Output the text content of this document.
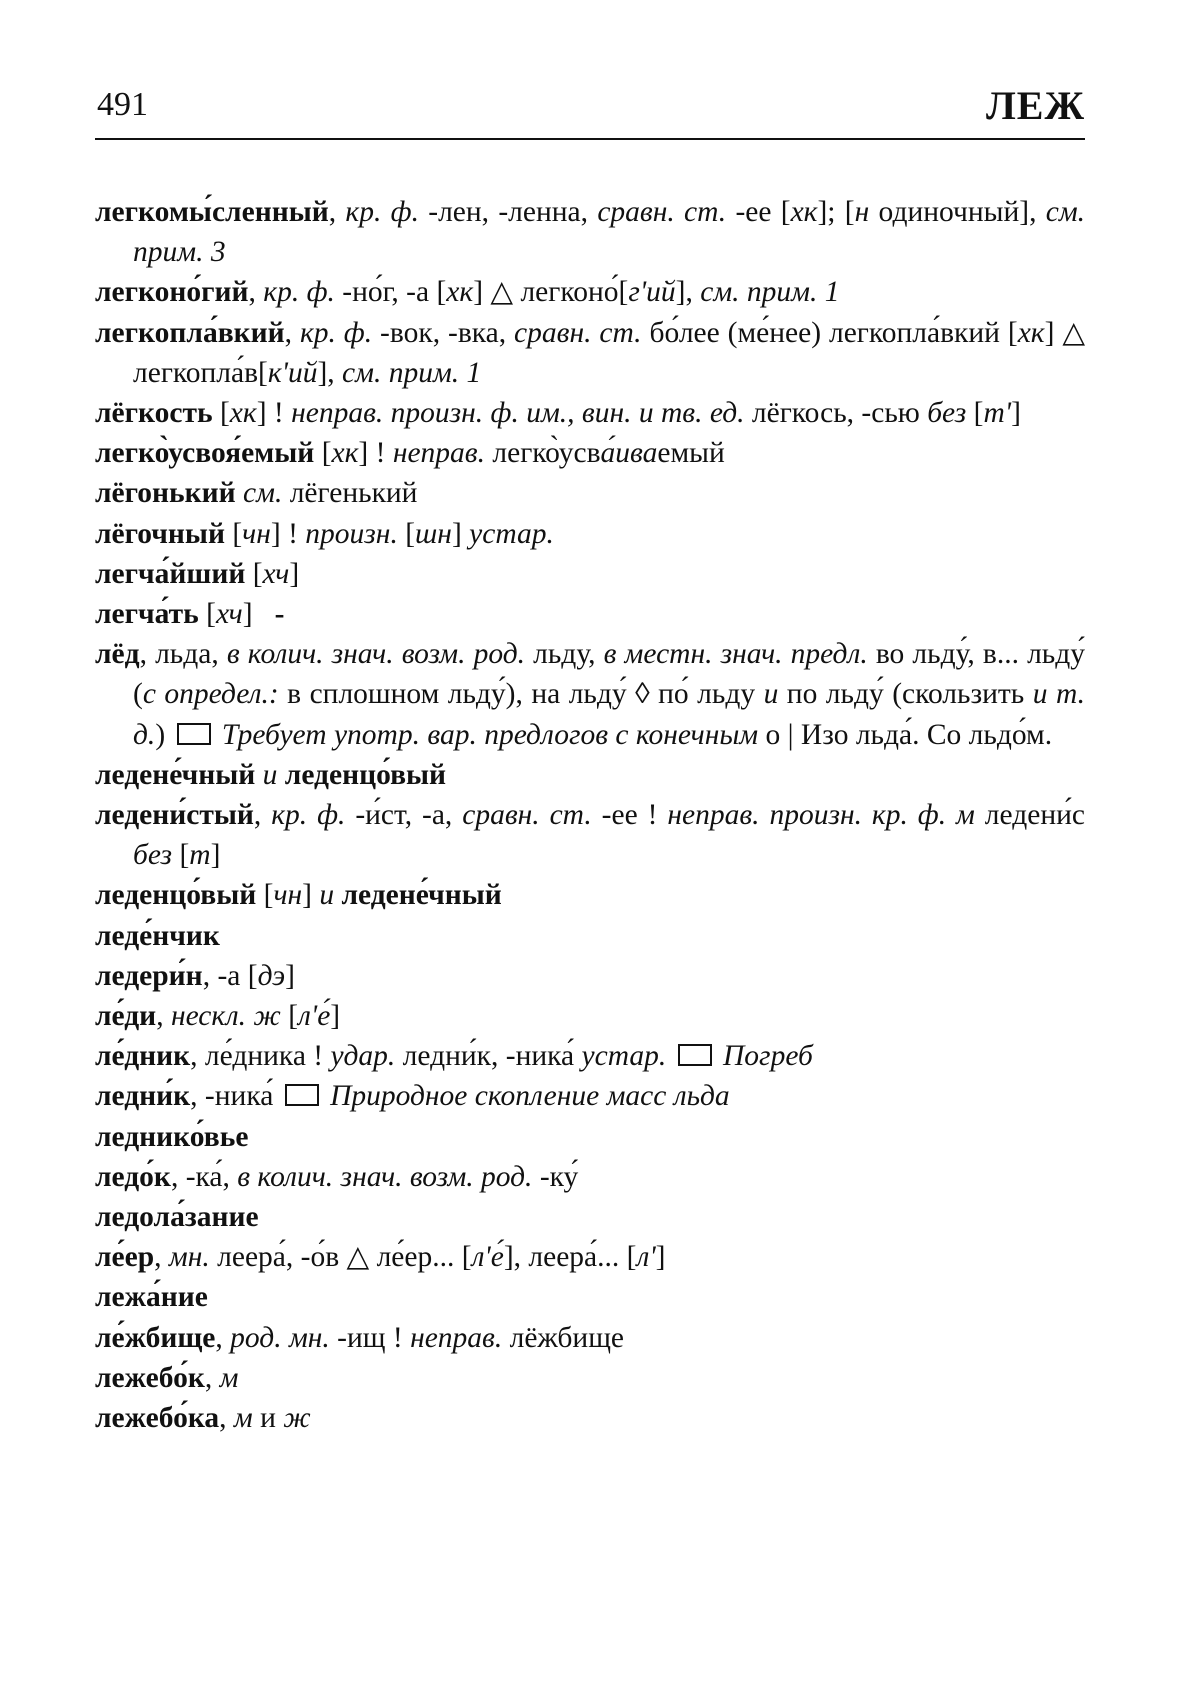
491	ЛЕЖ

легкомы́сленный, кр. ф. -лен, -ленна, сравн. ст. -ее [хк]; [н одиночный], см. прим. 3

легконо́гий, кр. ф. -но́г, -а [хк] △ легконо́[гʹий], см. прим. 1

легкопла́вкий, кр. ф. -вок, -вка, сравн. ст. бо́лее (ме́нее) легкопла́вкий [хк] △ легкопла́в[кʹий], см. прим. 1

лёгкость [хк] ! неправ. произн. ф. им., вин. и тв. ед. лёгкось, -сью без [тʹ]

легко̀усвоя́емый [хк] ! неправ. легко̀усва́иваемый

лёгонький см. лёгенький

лёгочный [чн] ! произн. [шн] устар.

легча́йший [хч]

легча́ть [хч] -

лёд, льда, в колич. знач. возм. род. льду, в местн. знач. предл. во льду́, в... льду́ (с определ.: в сплошном льду́), на льду́ ◊ по́ льду и по льду́ (скользить и т. д.)  Требует употр. вар. предлогов с конечным о | Изо льда́. Со льдо́м.

ледене́чный и леденцо́вый

ледени́стый, кр. ф. -и́ст, -а, сравн. ст. -ее ! неправ. произн. кр. ф. м ледени́с без [т]

леденцо́вый [чн] и ледене́чный

леде́нчик

ледери́н, -а [дэ]

ле́ди, нескл. ж [лʹе́]

ле́дник, ле́дника ! удар. ледни́к, -ника́ устар. Погреб

ледни́к, -ника́  Природное скопление масс льда

леднико́вье

ледо́к, -ка́, в колич. знач. возм. род. -ку́

ледола́зание

ле́ер, мн. леера́, -о́в △ ле́ер... [лʹе́], леера́... [лʹ]

лежа́ние

ле́жбище, род. мн. -ищ ! неправ. лёжбище

лежебо́к, м

лежебо́ка, м и ж
